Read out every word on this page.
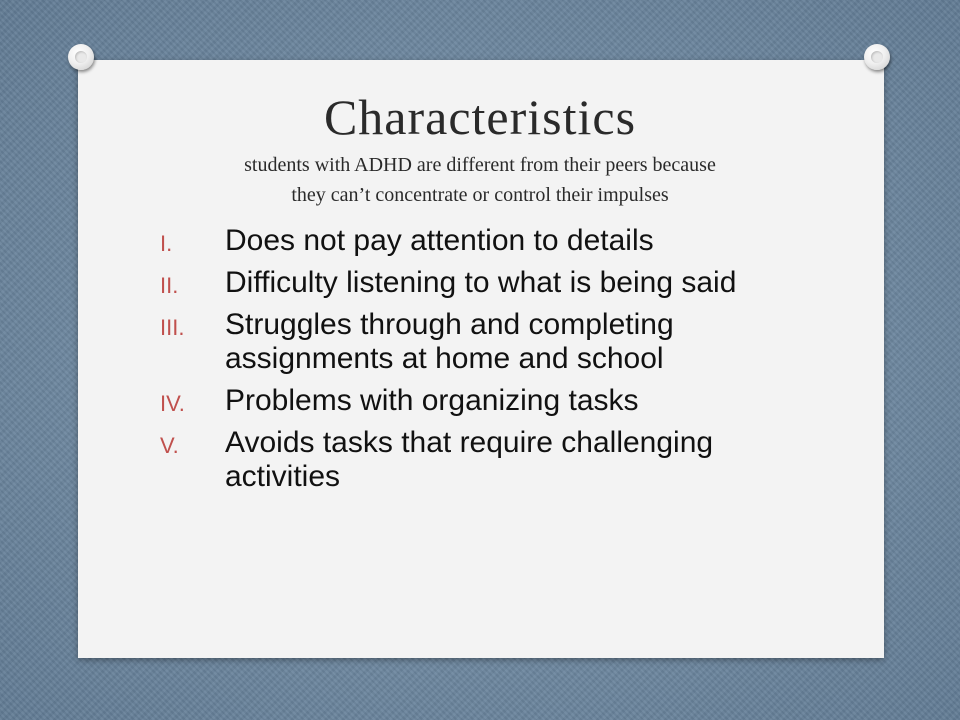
Characteristics

students with ADHD are different from their peers because
they can’t concentrate or control their impulses

I. Does not pay attention to details
II. Difficulty listening to what is being said
III. Struggles through and completing assignments at home and school
IV. Problems with organizing tasks
V. Avoids tasks that require challenging activities
